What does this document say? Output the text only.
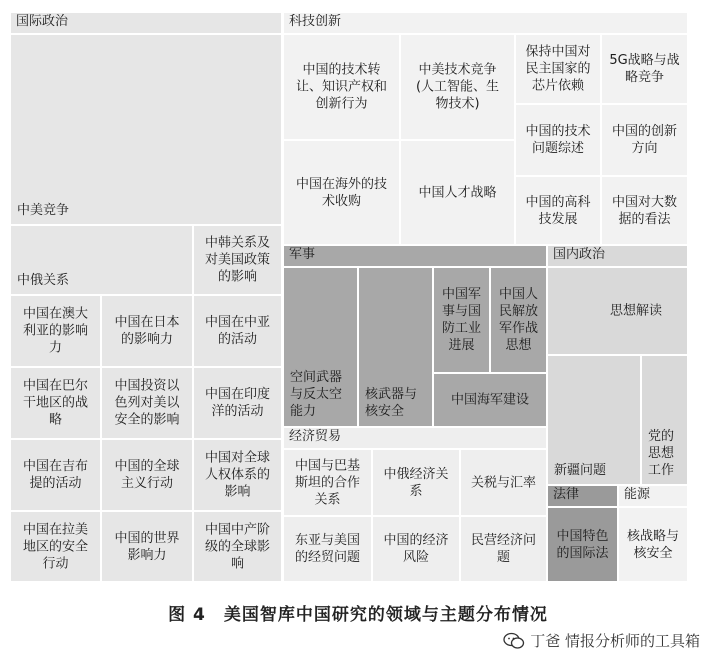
国际政治
中美竞争
中俄关系
中韩关系及
对美国政策
的影响
中国在澳大
利亚的影响
力
中国在日本
的影响力
中国在中亚
的活动
中国在巴尔
干地区的战
略
中国投资以
色列对美以
安全的影响
中国在印度
洋的活动
中国在吉布
提的活动
中国的全球
主义行动
中国对全球
人权体系的
影响
中国在拉美
地区的安全
行动
中国的世界
影响力
中国中产阶
级的全球影
响
科技创新
中国的技术转
让、知识产权和
创新行为
中美技术竞争
(人工智能、生
物技术)
保持中国对
民主国家的
芯片依赖
5G战略与战
略竞争
中国的技术
问题综述
中国的创新
方向
中国在海外的技
术收购
中国人才战略
中国的高科
技发展
中国对大数
据的看法
军事
空间武器
与反太空
能力
核武器与
核安全
中国军
事与国
防工业
进展
中国人
民解放
军作战
思想
中国海军建设
国内政治
思想解读
新疆问题
党的
思想
工作
经济贸易
中国与巴基
斯坦的合作
关系
中俄经济关
系
关税与汇率
东亚与美国
的经贸问题
中国的经济
风险
民营经济问
题
法律
中国特色
的国际法
能源
核战略与
核安全
图 4　美国智库中国研究的领域与主题分布情况
丁爸 情报分析师的工具箱
